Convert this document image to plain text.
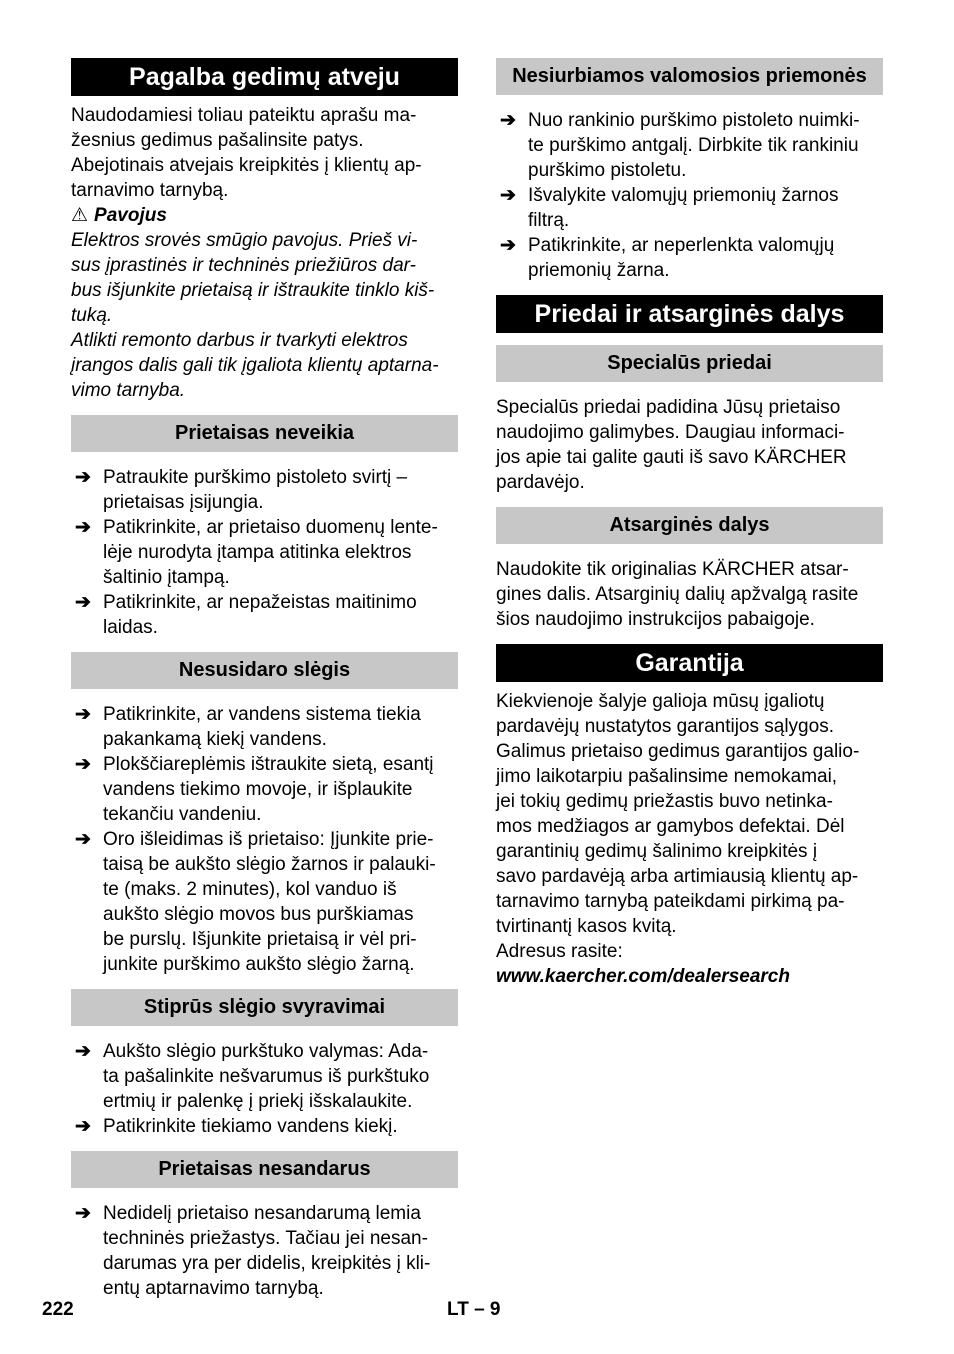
Pagalba gedimų atveju

Naudodamiesi toliau pateiktu aprašu ma-

žesnius gedimus pašalinsite patys.

Abejotinais atvejais kreipkitės į klientų ap-

tarnavimo tarnybą.

⚠ Pavojus

Elektros srovės smūgio pavojus. Prieš vi-

sus įprastinės ir techninės priežiūros dar-

bus išjunkite prietaisą ir ištraukite tinklo kiš-

tuką.

Atlikti remonto darbus ir tvarkyti elektros

įrangos dalis gali tik įgaliota klientų aptarna-

vimo tarnyba.

Prietaisas neveikia
➔ Patraukite purškimo pistoleto svirtį –
prietaisas įsijungia.
➔ Patikrinkite, ar prietaiso duomenų lente-
lėje nurodyta įtampa atitinka elektros
šaltinio įtampą.
➔ Patikrinkite, ar nepažeistas maitinimo
laidas.
Nesusidaro slėgis
➔ Patikrinkite, ar vandens sistema tiekia
pakankamą kiekį vandens.
➔ Plokščiareplėmis ištraukite sietą, esantį
vandens tiekimo movoje, ir išplaukite
tekančiu vandeniu.
➔ Oro išleidimas iš prietaiso: Įjunkite prie-
taisą be aukšto slėgio žarnos ir palauki-
te (maks. 2 minutes), kol vanduo iš
aukšto slėgio movos bus purškiamas
be purslų. Išjunkite prietaisą ir vėl pri-
junkite purškimo aukšto slėgio žarną.
Stiprūs slėgio svyravimai
➔ Aukšto slėgio purkštuko valymas: Ada-
ta pašalinkite nešvarumus iš purkštuko
ertmių ir palenkę į priekį išskalaukite.
➔ Patikrinkite tiekiamo vandens kiekį.
Prietaisas nesandarus
➔ Nedidelį prietaiso nesandarumą lemia
techninės priežastys. Tačiau jei nesan-
darumas yra per didelis, kreipkitės į kli-
entų aptarnavimo tarnybą.
Nesiurbiamos valomosios priemonės
➔ Nuo rankinio purškimo pistoleto nuimki-
te purškimo antgalį. Dirbkite tik rankiniu
purškimo pistoletu.
➔ Išvalykite valomųjų priemonių žarnos
filtrą.
➔ Patikrinkite, ar neperlenkta valomųjų
priemonių žarna.
Priedai ir atsarginės dalys
Specialūs priedai

Specialūs priedai padidina Jūsų prietaiso

naudojimo galimybes. Daugiau informaci-

jos apie tai galite gauti iš savo KÄRCHER

pardavėjo.

Atsarginės dalys

Naudokite tik originalias KÄRCHER atsar-

gines dalis. Atsarginių dalių apžvalgą rasite

šios naudojimo instrukcijos pabaigoje.

Garantija

Kiekvienoje šalyje galioja mūsų įgaliotų

pardavėjų nustatytos garantijos sąlygos.

Galimus prietaiso gedimus garantijos galio-

jimo laikotarpiu pašalinsime nemokamai,

jei tokių gedimų priežastis buvo netinka-

mos medžiagos ar gamybos defektai. Dėl

garantinių gedimų šalinimo kreipkitės į

savo pardavėją arba artimiausią klientų ap-

tarnavimo tarnybą pateikdami pirkimą pa-

tvirtinantį kasos kvitą.

Adresus rasite:

www.kaercher.com/dealersearch

222	LT – 9
